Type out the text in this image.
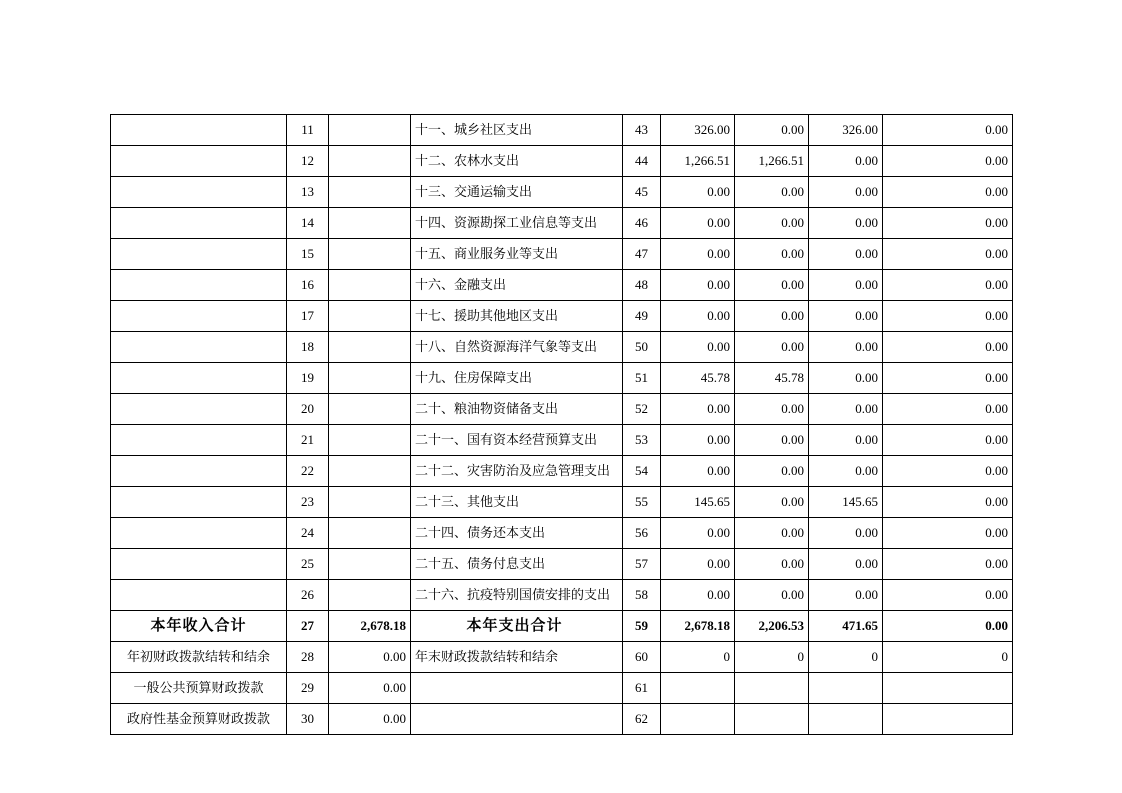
	11		十一、城乡社区支出	43	326.00	0.00	326.00	0.00
	12		十二、农林水支出	44	1,266.51	1,266.51	0.00	0.00
	13		十三、交通运输支出	45	0.00	0.00	0.00	0.00
	14		十四、资源勘探工业信息等支出	46	0.00	0.00	0.00	0.00
	15		十五、商业服务业等支出	47	0.00	0.00	0.00	0.00
	16		十六、金融支出	48	0.00	0.00	0.00	0.00
	17		十七、援助其他地区支出	49	0.00	0.00	0.00	0.00
	18		十八、自然资源海洋气象等支出	50	0.00	0.00	0.00	0.00
	19		十九、住房保障支出	51	45.78	45.78	0.00	0.00
	20		二十、粮油物资储备支出	52	0.00	0.00	0.00	0.00
	21		二十一、国有资本经营预算支出	53	0.00	0.00	0.00	0.00
	22		二十二、灾害防治及应急管理支出	54	0.00	0.00	0.00	0.00
	23		二十三、其他支出	55	145.65	0.00	145.65	0.00
	24		二十四、债务还本支出	56	0.00	0.00	0.00	0.00
	25		二十五、债务付息支出	57	0.00	0.00	0.00	0.00
	26		二十六、抗疫特别国债安排的支出	58	0.00	0.00	0.00	0.00
本年收入合计	27	2,678.18	本年支出合计	59	2,678.18	2,206.53	471.65	0.00
年初财政拨款结转和结余	28	0.00	年末财政拨款结转和结余	60	0	0	0	0
一般公共预算财政拨款	29	0.00		61				
政府性基金预算财政拨款	30	0.00		62				
